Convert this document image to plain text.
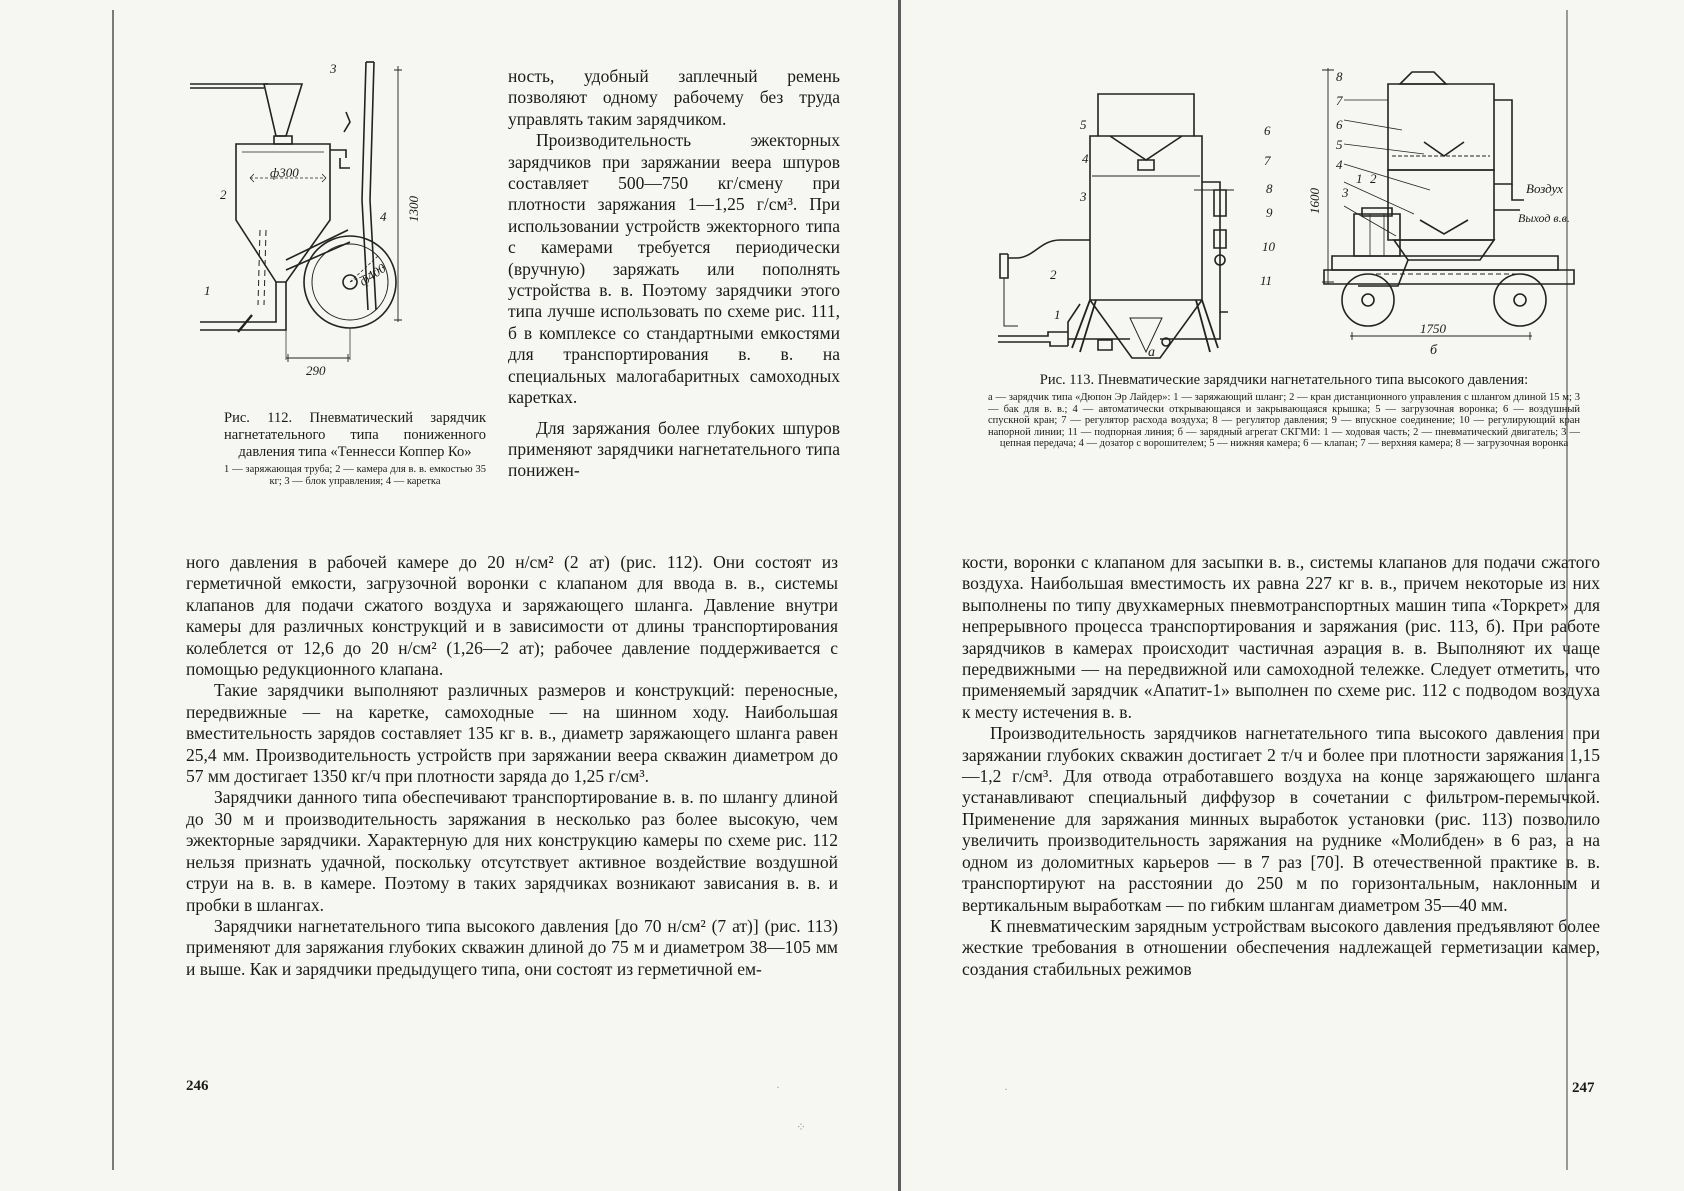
3
4
2
1
ф300
1300
ф400
290
Рис. 112. Пневматический зарядчик нагнетательного типа пониженного давления типа «Теннесси Коппер Ко»
1 — заряжающая труба; 2 — камера для в. в. емкостью 35 кг; 3 — блок управления; 4 — каретка

ность, удобный заплечный ремень позволяют одному рабочему без труда управлять таким зарядчиком.

Производительность эжекторных зарядчиков при заряжании веера шпуров составляет 500—750 кг/смену при плотности заряжания 1—1,25 г/см³. При использовании устройств эжекторного типа с камерами требуется периодически (вручную) заряжать или пополнять устройства в. в. Поэтому зарядчики этого типа лучше использовать по схеме рис. 111, б в комплексе со стандартными емкостями для транспортирования в. в. на специальных малогабаритных самоходных каретках.

Для заряжания более глубоких шпуров применяют зарядчики нагнетательного типа понижен-

ного давления в рабочей камере до 20 н/см² (2 ат) (рис. 112). Они состоят из герметичной емкости, загрузочной воронки с клапаном для ввода в. в., системы клапанов для подачи сжатого воздуха и заряжающего шланга. Давление внутри камеры для различных конструкций и в зависимости от длины транспортирования колеблется от 12,6 до 20 н/см² (1,26—2 ат); рабочее давление поддерживается с помощью редукционного клапана.

Такие зарядчики выполняют различных размеров и конструкций: переносные, передвижные — на каретке, самоходные — на шинном ходу. Наибольшая вместительность зарядов составляет 135 кг в. в., диаметр заряжающего шланга равен 25,4 мм. Производительность устройств при заряжании веера скважин диаметром до 57 мм достигает 1350 кг/ч при плотности заряда до 1,25 г/см³.

Зарядчики данного типа обеспечивают транспортирование в. в. по шлангу длиной до 30 м и производительность заряжания в несколько раз более высокую, чем эжекторные зарядчики. Характерную для них конструкцию камеры по схеме рис. 112 нельзя признать удачной, поскольку отсутствует активное воздействие воздушной струи на в. в. в камере. Поэтому в таких зарядчиках возникают зависания в. в. и пробки в шлангах.

Зарядчики нагнетательного типа высокого давления [до 70 н/см² (7 ат)] (рис. 113) применяют для заряжания глубоких скважин длиной до 75 м и диаметром 38—105 мм и выше. Как и зарядчики предыдущего типа, они состоят из герметичной ем-

246	·
⁘
5
4
3
2
1
6
7
8
9
10
11
а
8
7
6
5
4
3
1 2
1600	Воздух
Выход в.в.
1750
б
Рис. 113. Пневматические зарядчики нагнетательного типа высокого давления:
а — зарядчик типа «Дюпон Эр Лайдер»: 1 — заряжающий шланг; 2 — кран дистанционного управления с шлангом длиной 15 м; 3 — бак для в. в.; 4 — автоматически открывающаяся и закрывающаяся крышка; 5 — загрузочная воронка; 6 — воздушный спускной кран; 7 — регулятор расхода воздуха; 8 — регулятор давления; 9 — впускное соединение; 10 — регулирующий кран напорной линии; 11 — подпорная линия; б — зарядный агрегат СКГМИ: 1 — ходовая часть; 2 — пневматический двигатель; 3 — цепная передача; 4 — дозатор с ворошителем; 5 — нижняя камера; 6 — клапан; 7 — верхняя камера; 8 — загрузочная воронка

кости, воронки с клапаном для засыпки в. в., системы клапанов для подачи сжатого воздуха. Наибольшая вместимость их равна 227 кг в. в., причем некоторые из них выполнены по типу двухкамерных пневмотранспортных машин типа «Торкрет» для непрерывного процесса транспортирования и заряжания (рис. 113, б). При работе зарядчиков в камерах происходит частичная аэрация в. в. Выполняют их чаще передвижными — на передвижной или самоходной тележке. Следует отметить, что применяемый зарядчик «Апатит-1» выполнен по схеме рис. 112 с подводом воздуха к месту истечения в. в.

Производительность зарядчиков нагнетательного типа высокого давления при заряжании глубоких скважин достигает 2 т/ч и более при плотности заряжания 1,15—1,2 г/см³. Для отвода отработавшего воздуха на конце заряжающего шланга устанавливают специальный диффузор в сочетании с фильтром-перемычкой. Применение для заряжания минных выработок установки (рис. 113) позволило увеличить производительность заряжания на руднике «Молибден» в 6 раз, а на одном из доломитных карьеров — в 7 раз [70]. В отечественной практике в. в. транспортируют на расстоянии до 250 м по горизонтальным, наклонным и вертикальным выработкам — по гибким шлангам диаметром 35—40 мм.

К пневматическим зарядным устройствам высокого давления предъявляют более жесткие требования в отношении обеспечения надлежащей герметизации камер, создания стабильных режимов

247
·
